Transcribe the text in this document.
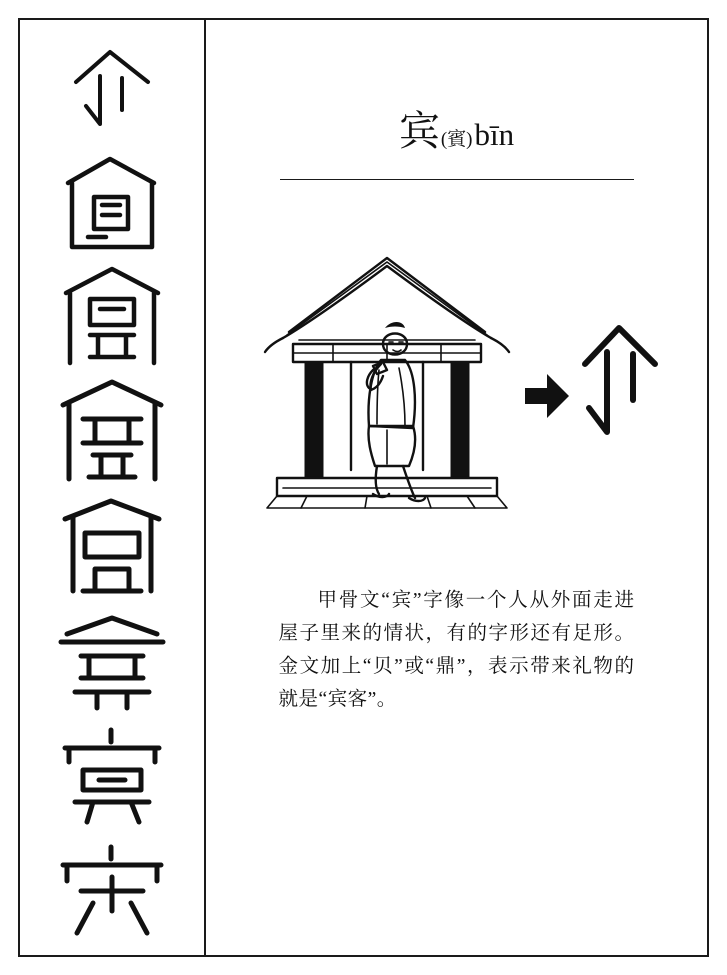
宾(賓)bīn
甲骨文“宾”字像一个人从外面走进屋子里来的情状，有的字形还有足形。金文加上“贝”或“鼎”，表示带来礼物的就是“宾客”。
